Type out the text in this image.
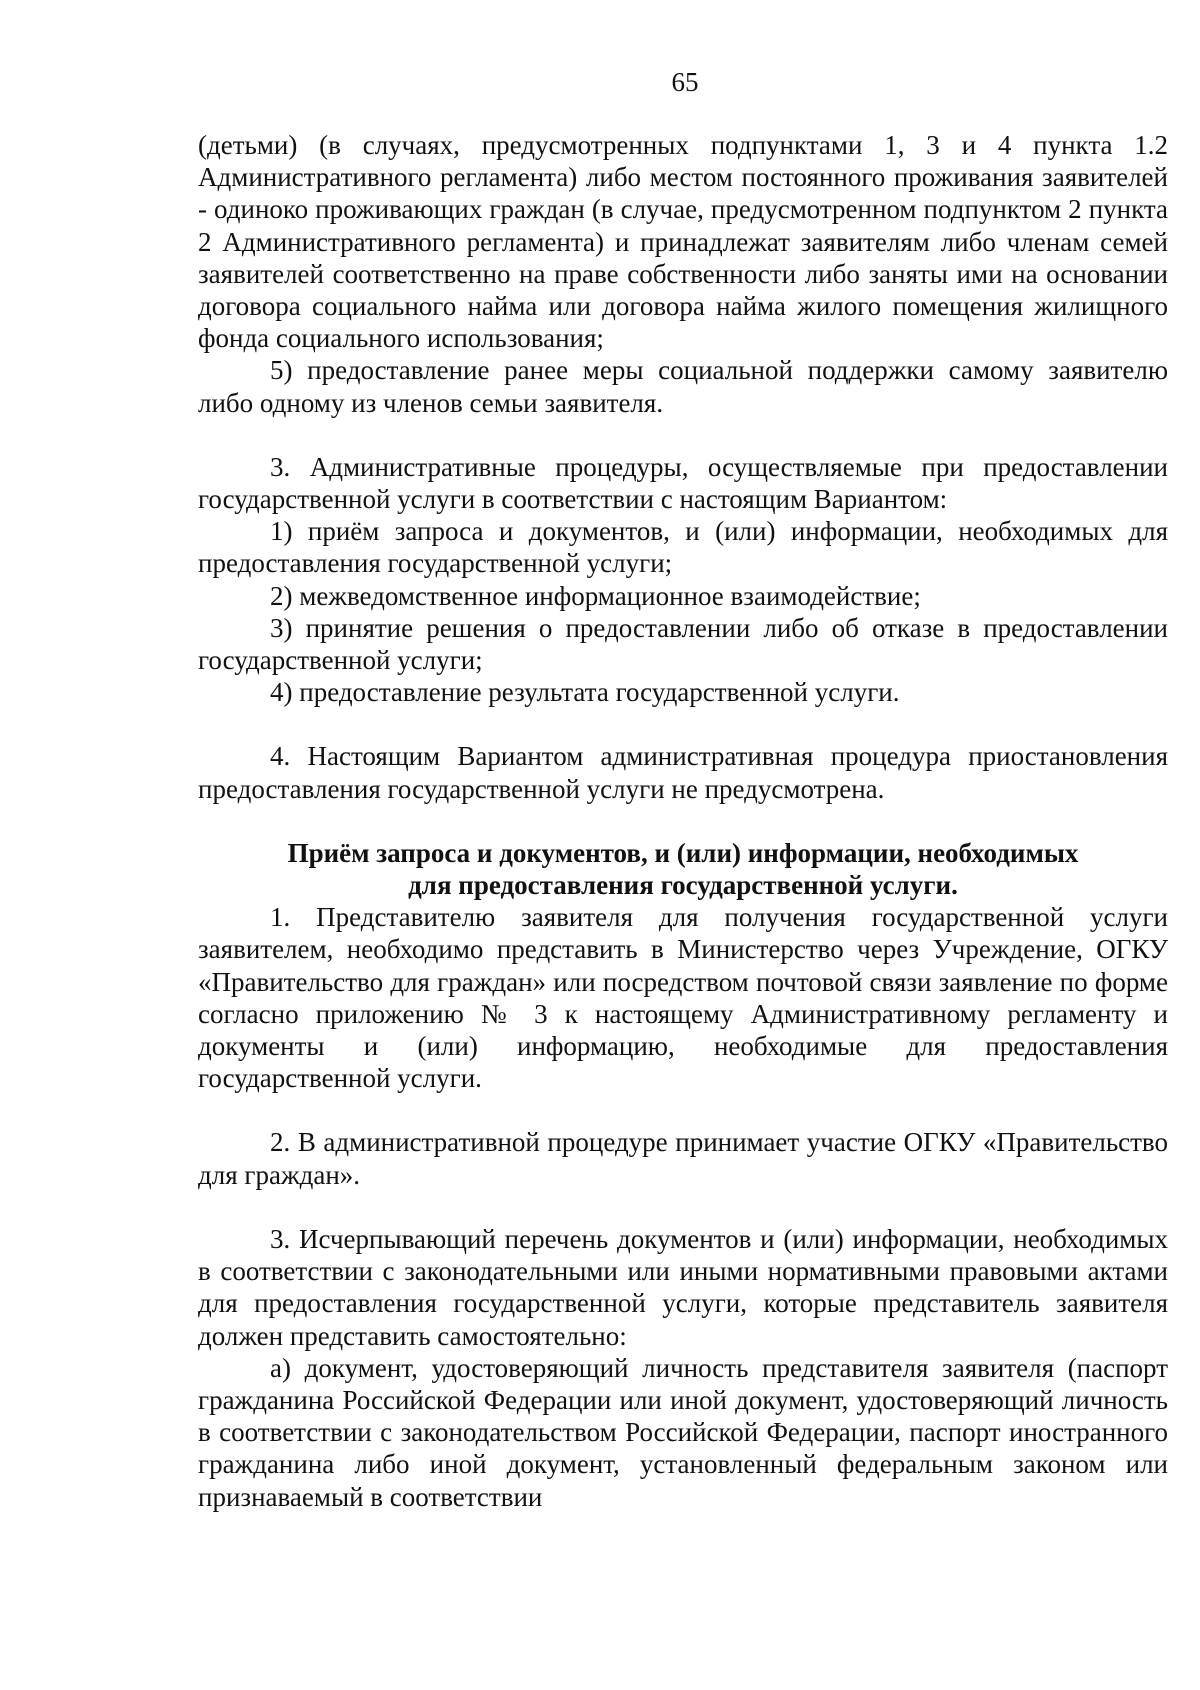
65

(детьми) (в случаях, предусмотренных подпунктами 1, 3 и 4 пункта 1.2 Административного регламента) либо местом постоянного проживания заявителей - одиноко проживающих граждан (в случае, предусмотренном подпунктом 2 пункта 2 Административного регламента) и принадлежат заявителям либо членам семей заявителей соответственно на праве собственности либо заняты ими на основании договора социального найма или договора найма жилого помещения жилищного фонда социального использования;

5) предоставление ранее меры социальной поддержки самому заявителю либо одному из членов семьи заявителя.

3. Административные процедуры, осуществляемые при предоставлении государственной услуги в соответствии с настоящим Вариантом:

1) приём запроса и документов, и (или) информации, необходимых для предоставления государственной услуги;

2) межведомственное информационное взаимодействие;

3) принятие решения о предоставлении либо об отказе в предоставлении государственной услуги;

4) предоставление результата государственной услуги.

4. Настоящим Вариантом административная процедура приостановления предоставления государственной услуги не предусмотрена.

Приём запроса и документов, и (или) информации, необходимых
для предоставления государственной услуги.

1. Представителю заявителя для получения государственной услуги заявителем, необходимо представить в Министерство через Учреждение, ОГКУ «Правительство для граждан» или посредством почтовой связи заявление по форме согласно приложению № 3 к настоящему Административному регламенту и документы и (или) информацию, необходимые для предоставления государственной услуги.

2. В административной процедуре принимает участие ОГКУ «Правительство для граждан».

3. Исчерпывающий перечень документов и (или) информации, необходимых в соответствии с законодательными или иными нормативными правовыми актами для предоставления государственной услуги, которые представитель заявителя должен представить самостоятельно:

а) документ, удостоверяющий личность представителя заявителя (паспорт гражданина Российской Федерации или иной документ, удостоверяющий личность в соответствии с законодательством Российской Федерации, паспорт иностранного гражданина либо иной документ, установленный федеральным законом или признаваемый в соответствии
